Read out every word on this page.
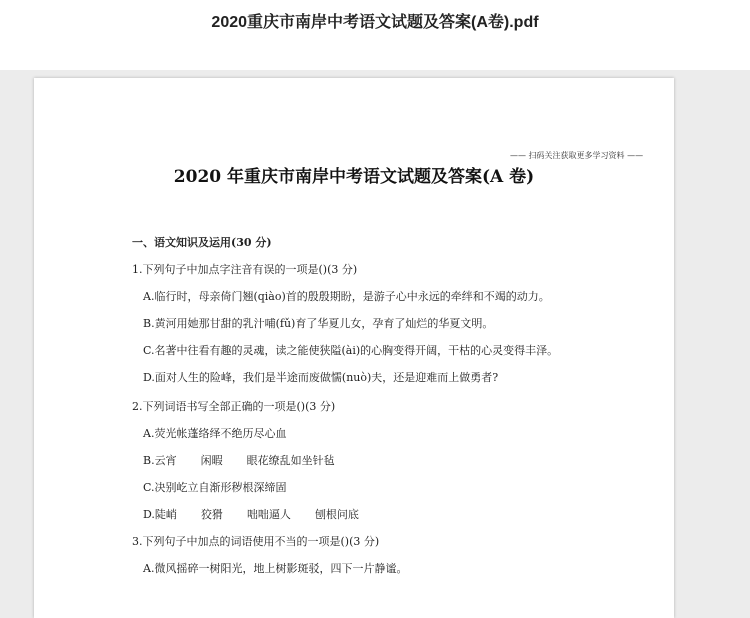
2020重庆市南岸中考语文试题及答案(A卷).pdf
—— 扫码关注获取更多学习资料 ——
2020 年重庆市南岸中考语文试题及答案(A 卷)
一、语文知识及运用(30 分)
1.下列句子中加点字注音有误的一项是()(3 分)
A.临行时，母亲倚门翘(qiào)首的殷殷期盼，是游子心中永远的牵绊和不竭的动力。
B.黄河用她那甘甜的乳汁哺(fǔ)育了华夏儿女，孕育了灿烂的华夏文明。
C.名著中往看有趣的灵魂，读之能使狭隘(ài)的心胸变得开阔，干枯的心灵变得丰泽。
D.面对人生的险峰，我们是半途而废做懦(nuò)夫，还是迎难而上做勇者?
2.下列词语书写全部正确的一项是()(3 分)
A.荧光帐蓬络绎不绝历尽心血
B.云宵 闲暇 眼花缭乱如坐针毡
C.决别屹立自渐形秽根深缔固
D.陡峭 狡猾 咄咄逼人 刨根问底
3.下列句子中加点的词语使用不当的一项是()(3 分)
A.微风摇碎一树阳光，地上树影斑驳，四下一片静谧。
